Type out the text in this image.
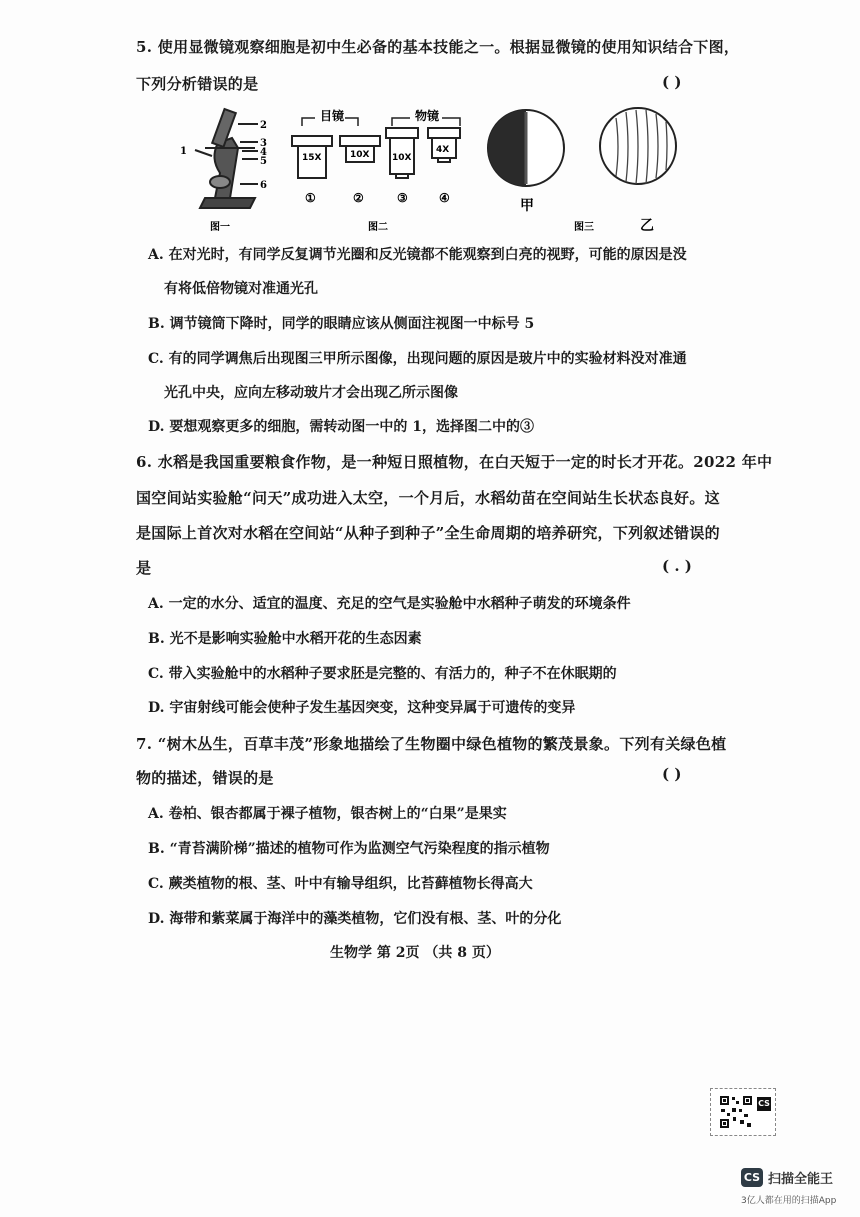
5. 使用显微镜观察细胞是初中生必备的基本技能之一。根据显微镜的使用知识结合下图，
下列分析错误的是	( )
2
3
4
5
1
6
图一
目镜	物镜
15X	10X	10X
4X
①	②	③	④
图二
甲
乙
图三
A. 在对光时，有同学反复调节光圈和反光镜都不能观察到白亮的视野，可能的原因是没
有将低倍物镜对准通光孔
B. 调节镜筒下降时，同学的眼睛应该从侧面注视图一中标号 5
C. 有的同学调焦后出现图三甲所示图像，出现问题的原因是玻片中的实验材料没对准通
光孔中央，应向左移动玻片才会出现乙所示图像
D. 要想观察更多的细胞，需转动图一中的 1，选择图二中的③
6. 水稻是我国重要粮食作物，是一种短日照植物，在白天短于一定的时长才开花。2022 年中
国空间站实验舱“问天”成功进入太空，一个月后，水稻幼苗在空间站生长状态良好。这
是国际上首次对水稻在空间站“从种子到种子”全生命周期的培养研究，下列叙述错误的
是	( . )
A. 一定的水分、适宜的温度、充足的空气是实验舱中水稻种子萌发的环境条件
B. 光不是影响实验舱中水稻开花的生态因素
C. 带入实验舱中的水稻种子要求胚是完整的、有活力的，种子不在休眠期的
D. 宇宙射线可能会使种子发生基因突变，这种变异属于可遗传的变异
7. “树木丛生，百草丰茂”形象地描绘了生物圈中绿色植物的繁茂景象。下列有关绿色植
物的描述，错误的是	( )
A. 卷柏、银杏都属于裸子植物，银杏树上的“白果”是果实
B. “青苔满阶梯”描述的植物可作为监测空气污染程度的指示植物
C. 蕨类植物的根、茎、叶中有输导组织，比苔藓植物长得高大
D. 海带和紫菜属于海洋中的藻类植物，它们没有根、茎、叶的分化
生物学 第 2页 （共 8 页）
CS
CS 扫描全能王
3亿人都在用的扫描App
